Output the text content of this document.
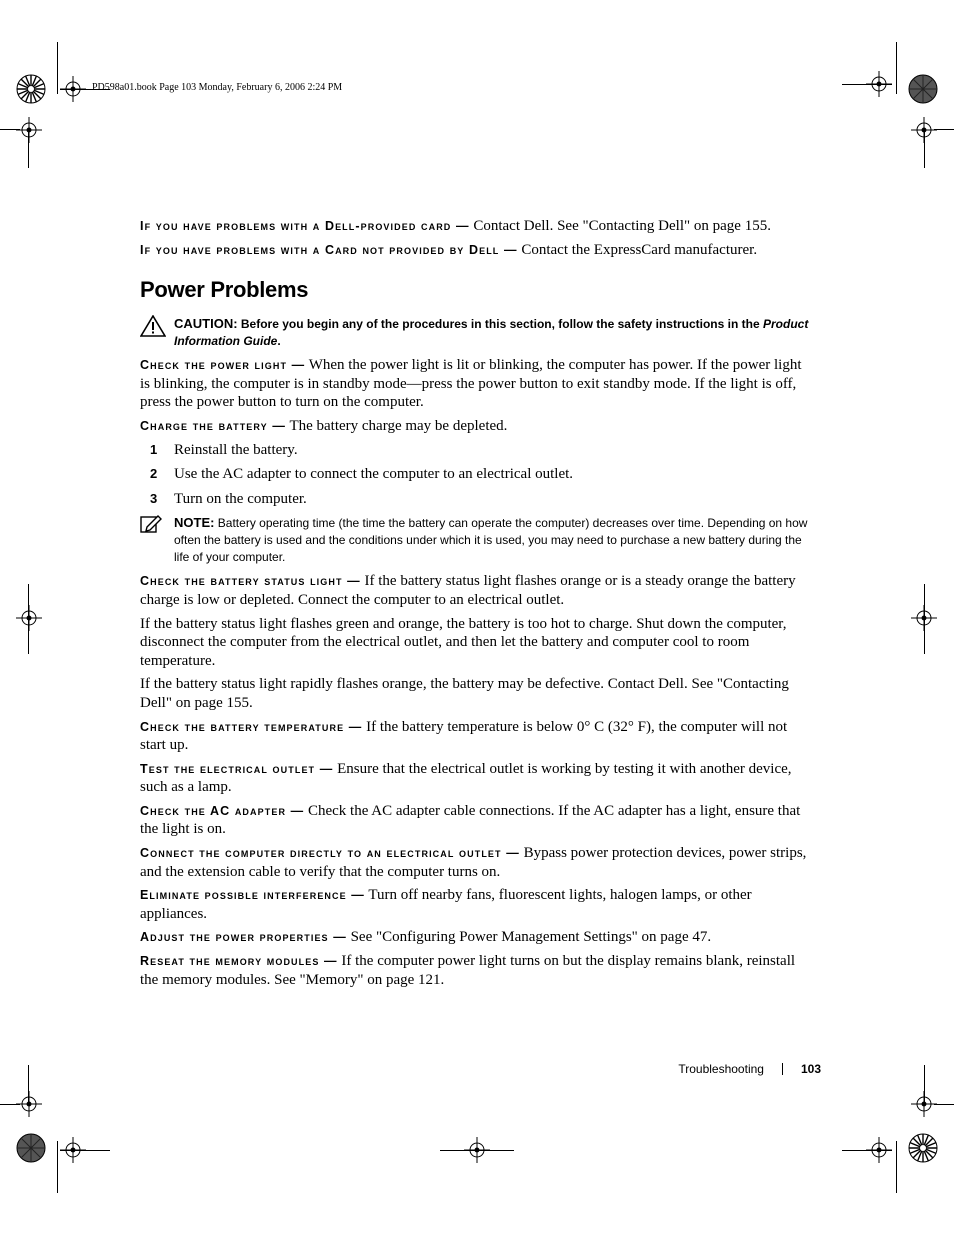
PD598a01.book Page 103 Monday, February 6, 2006 2:24 PM

If you have problems with a Dell-provided card — Contact Dell. See "Contacting Dell" on page 155.

If you have problems with a Card not provided by Dell — Contact the ExpressCard manufacturer.

Power Problems
CAUTION: Before you begin any of the procedures in this section, follow the safety instructions in the Product Information Guide.

Check the power light — When the power light is lit or blinking, the computer has power. If the power light is blinking, the computer is in standby mode—press the power button to exit standby mode. If the light is off, press the power button to turn on the computer.

Charge the battery — The battery charge may be depleted.

1 Reinstall the battery.
2 Use the AC adapter to connect the computer to an electrical outlet.
3 Turn on the computer.
NOTE: Battery operating time (the time the battery can operate the computer) decreases over time. Depending on how often the battery is used and the conditions under which it is used, you may need to purchase a new battery during the life of your computer.

Check the battery status light — If the battery status light flashes orange or is a steady orange the battery charge is low or depleted. Connect the computer to an electrical outlet.

If the battery status light flashes green and orange, the battery is too hot to charge. Shut down the computer, disconnect the computer from the electrical outlet, and then let the battery and computer cool to room temperature.

If the battery status light rapidly flashes orange, the battery may be defective. Contact Dell. See "Contacting Dell" on page 155.

Check the battery temperature — If the battery temperature is below 0° C (32° F), the computer will not start up.

Test the electrical outlet — Ensure that the electrical outlet is working by testing it with another device, such as a lamp.

Check the AC adapter — Check the AC adapter cable connections. If the AC adapter has a light, ensure that the light is on.

Connect the computer directly to an electrical outlet — Bypass power protection devices, power strips, and the extension cable to verify that the computer turns on.

Eliminate possible interference — Turn off nearby fans, fluorescent lights, halogen lamps, or other appliances.

Adjust the power properties — See "Configuring Power Management Settings" on page 47.

Reseat the memory modules — If the computer power light turns on but the display remains blank, reinstall the memory modules. See "Memory" on page 121.

Troubleshooting	103
